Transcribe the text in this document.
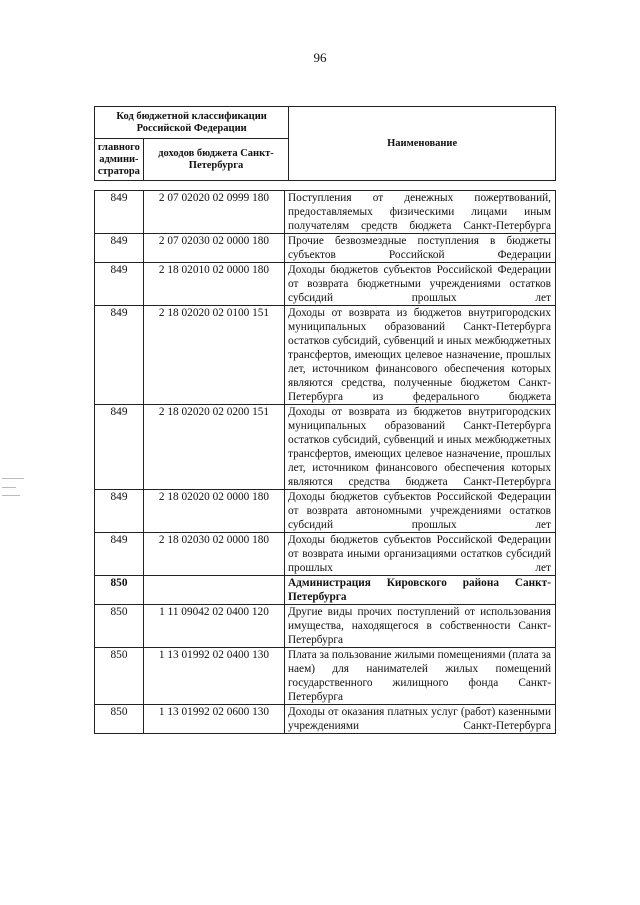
96
Код бюджетной классификации Российской Федерации		Наименование
главного админи-стратора	доходов бюджета Санкт-Петербурга	
849	2 07 02020 02 0999 180	Поступления от денежных пожертвований, предоставляемых физическими лицами иным получателям средств бюджета Санкт-Петербурга
849	2 07 02030 02 0000 180	Прочие безвозмездные поступления в бюджеты субъектов Российской Федерации
849	2 18 02010 02 0000 180	Доходы бюджетов субъектов Российской Федерации от возврата бюджетными учреждениями остатков субсидий прошлых лет
849	2 18 02020 02 0100 151	Доходы от возврата из бюджетов внутригородских муниципальных образований Санкт-Петербурга остатков субсидий, субвенций и иных межбюджетных трансфертов, имеющих целевое назначение, прошлых лет, источником финансового обеспечения которых являются средства, полученные бюджетом Санкт-Петербурга из федерального бюджета
849	2 18 02020 02 0200 151	Доходы от возврата из бюджетов внутригородских муниципальных образований Санкт-Петербурга остатков субсидий, субвенций и иных межбюджетных трансфертов, имеющих целевое назначение, прошлых лет, источником финансового обеспечения которых являются средства бюджета Санкт-Петербурга
849	2 18 02020 02 0000 180	Доходы бюджетов субъектов Российской Федерации от возврата автономными учреждениями остатков субсидий прошлых лет
849	2 18 02030 02 0000 180	Доходы бюджетов субъектов Российской Федерации от возврата иными организациями остатков субсидий прошлых лет
850		Администрация Кировского района Санкт-Петербурга
850	1 11 09042 02 0400 120	Другие виды прочих поступлений от использования имущества, находящегося в собственности Санкт-Петербурга
850	1 13 01992 02 0400 130	Плата за пользование жилыми помещениями (плата за наем) для нанимателей жилых помещений государственного жилищного фонда Санкт-Петербурга
850	1 13 01992 02 0600 130	Доходы от оказания платных услуг (работ) казенными учреждениями Санкт-Петербурга
